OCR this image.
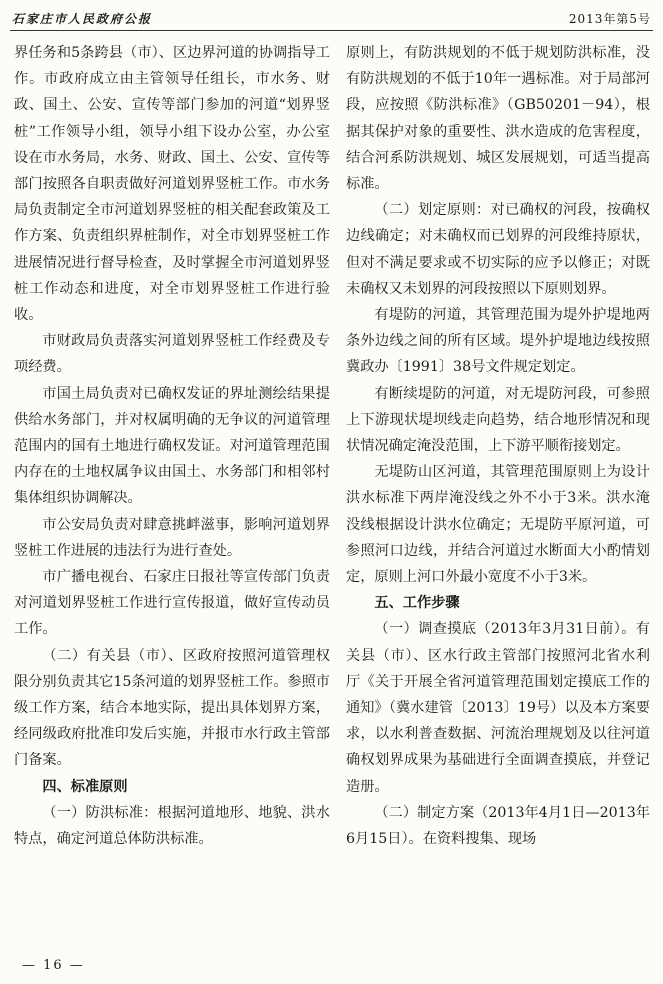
石家庄市人民政府公报	2013年第5号

界任务和5条跨县（市）、区边界河道的协调指导工作。市政府成立由主管领导任组长，市水务、财政、国土、公安、宣传等部门参加的河道“划界竖桩”工作领导小组，领导小组下设办公室，办公室设在市水务局，水务、财政、国土、公安、宣传等部门按照各自职责做好河道划界竖桩工作。市水务局负责制定全市河道划界竖桩的相关配套政策及工作方案、负责组织界桩制作，对全市划界竖桩工作进展情况进行督导检查，及时掌握全市河道划界竖桩工作动态和进度，对全市划界竖桩工作进行验收。

市财政局负责落实河道划界竖桩工作经费及专项经费。

市国土局负责对已确权发证的界址测绘结果提供给水务部门，并对权属明确的无争议的河道管理范围内的国有土地进行确权发证。对河道管理范围内存在的土地权属争议由国土、水务部门和相邻村集体组织协调解决。

市公安局负责对肆意挑衅滋事，影响河道划界竖桩工作进展的违法行为进行查处。

市广播电视台、石家庄日报社等宣传部门负责对河道划界竖桩工作进行宣传报道，做好宣传动员工作。

（二）有关县（市）、区政府按照河道管理权限分别负责其它15条河道的划界竖桩工作。参照市级工作方案，结合本地实际，提出具体划界方案，经同级政府批准印发后实施，并报市水行政主管部门备案。

四、标准原则

（一）防洪标准：根据河道地形、地貌、洪水特点，确定河道总体防洪标准。

原则上，有防洪规划的不低于规划防洪标准，没有防洪规划的不低于10年一遇标准。对于局部河段，应按照《防洪标准》（GB50201－94），根据其保护对象的重要性、洪水造成的危害程度，结合河系防洪规划、城区发展规划，可适当提高标准。

（二）划定原则：对已确权的河段，按确权边线确定；对未确权而已划界的河段维持原状，但对不满足要求或不切实际的应予以修正；对既未确权又未划界的河段按照以下原则划界。

有堤防的河道，其管理范围为堤外护堤地两条外边线之间的所有区域。堤外护堤地边线按照冀政办〔1991〕38号文件规定划定。

有断续堤防的河道，对无堤防河段，可参照上下游现状堤坝线走向趋势，结合地形情况和现状情况确定淹没范围，上下游平顺衔接划定。

无堤防山区河道，其管理范围原则上为设计洪水标准下两岸淹没线之外不小于3米。洪水淹没线根据设计洪水位确定；无堤防平原河道，可参照河口边线，并结合河道过水断面大小酌情划定，原则上河口外最小宽度不小于3米。

五、工作步骤

（一）调查摸底（2013年3月31日前）。有关县（市）、区水行政主管部门按照河北省水利厅《关于开展全省河道管理范围划定摸底工作的通知》（冀水建管〔2013〕19号）以及本方案要求，以水利普查数据、河流治理规划及以往河道确权划界成果为基础进行全面调查摸底，并登记造册。

（二）制定方案（2013年4月1日—2013年6月15日）。在资料搜集、现场

— 16 —
